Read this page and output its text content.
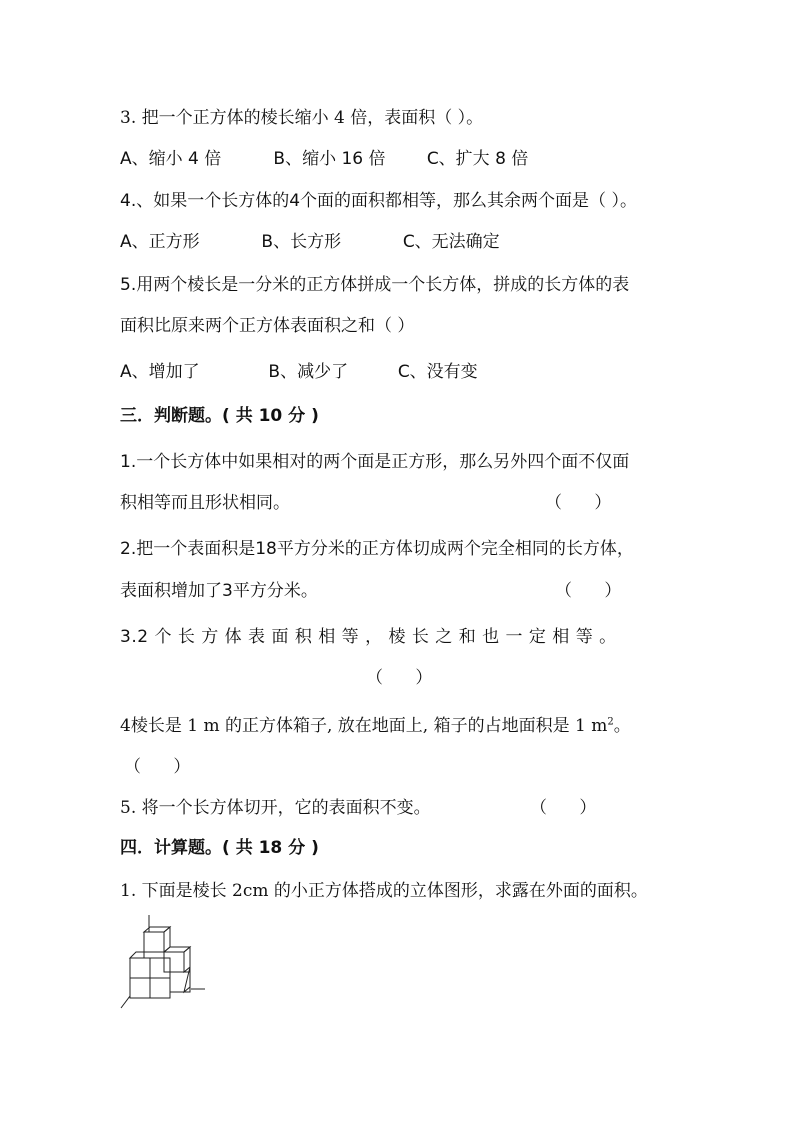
3. 把一个正方体的棱长缩小 4 倍，表面积（ ）。
A、缩小 4 倍	B、缩小 16 倍 C、扩大 8 倍
4.、如果一个长方体的4个面的面积都相等，那么其余两个面是（ ）。
A、正方形	B、长方形	C、无法确定
5.用两个棱长是一分米的正方体拼成一个长方体，拼成的长方体的表
面积比原来两个正方体表面积之和（ ）
A、增加了	B、减少了	C、没有变
三．判断题。( 共 10 分 )
1.一个长方体中如果相对的两个面是正方形，那么另外四个面不仅面
积相等而且形状相同。	（      ）
2.把一个表面积是18平方分米的正方体切成两个完全相同的长方体，
表面积增加了3平方分米。	（      ）
3.2 个 长 方 体 表 面 积 相 等 ， 棱 长 之 和 也 一 定 相 等 。
（      ）
4棱长是 1 m 的正方体箱子, 放在地面上, 箱子的占地面积是 1 $m^2$。
（      ）
5. 将一个长方体切开，它的表面积不变。	（      ）
四．计算题。( 共 18 分 )
1. 下面是棱长 2cm 的小正方体搭成的立体图形，求露在外面的面积。
